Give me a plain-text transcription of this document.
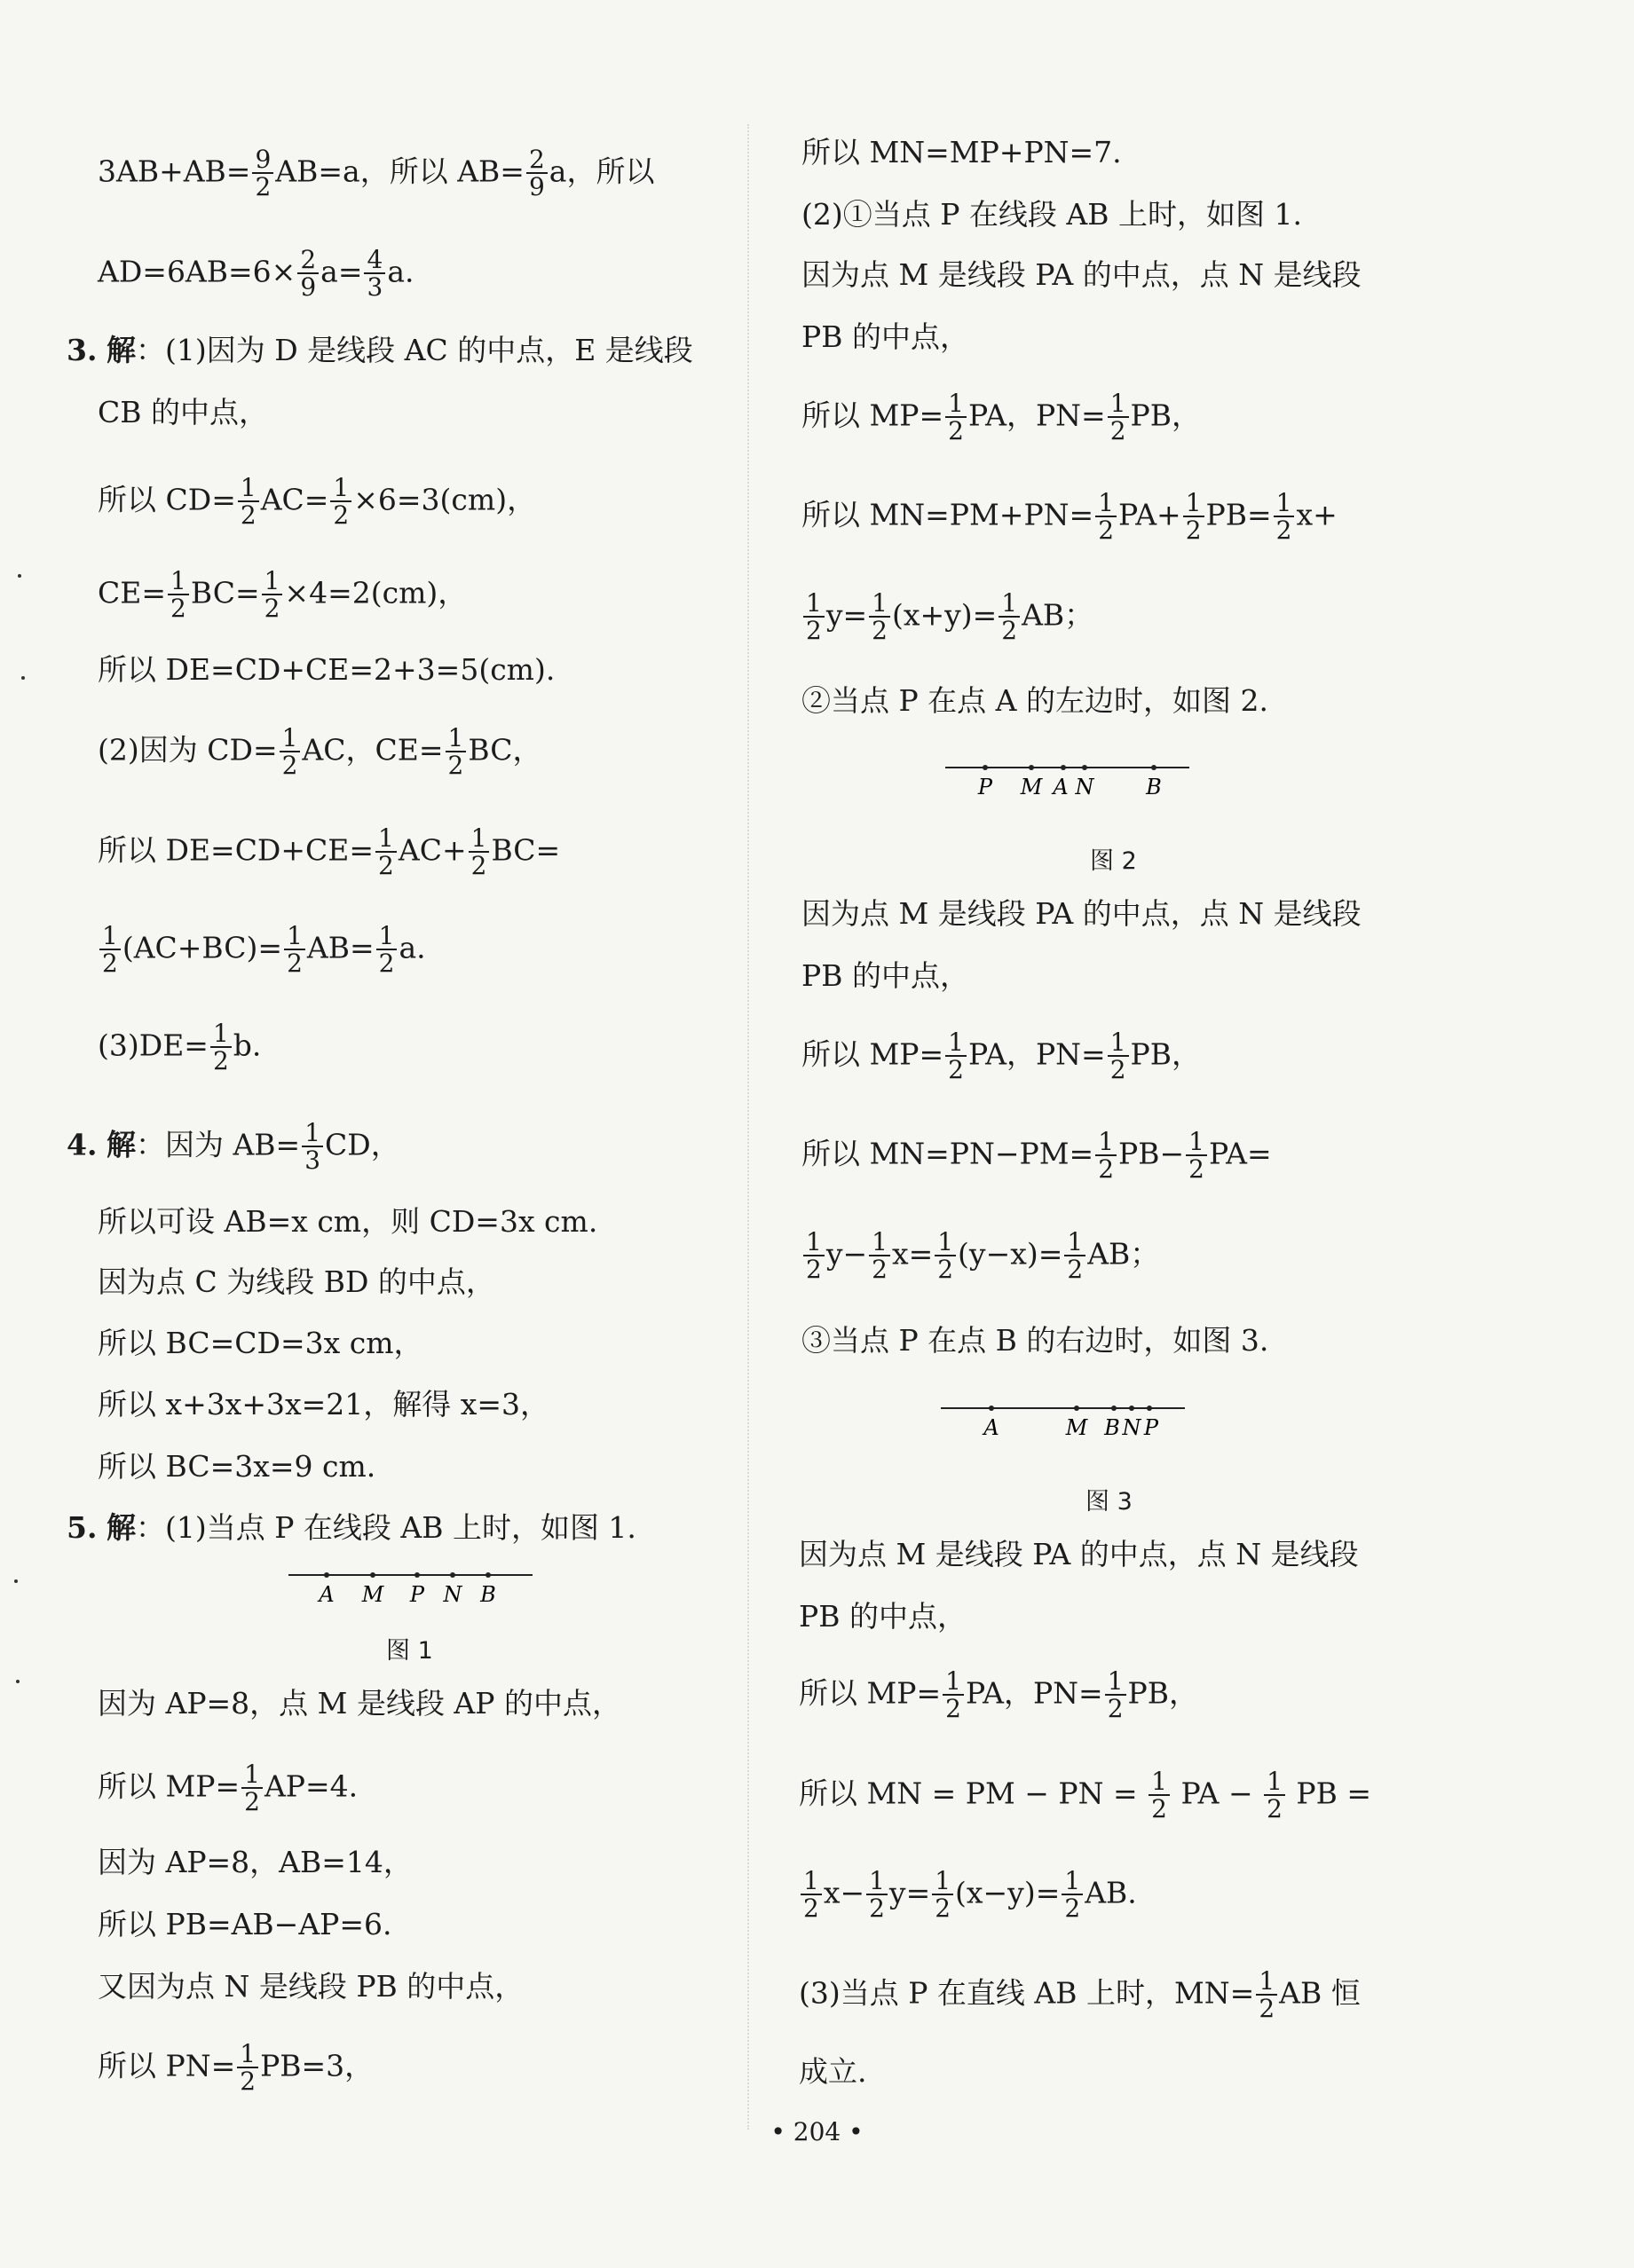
$3AB+AB= \frac{9}{2} AB=a$，所以 $AB= \frac{2}{9}$ a，所以
$AD=6AB=6\times \frac{2}{9} a= \frac{4}{3} a$.
3. 解：(1)因为 D 是线段 AC 的中点，E 是线段
CB 的中点，
所以 $CD= \frac{1}{2} AC= \frac{1}{2} \times 6=3(cm)$，
$CE= \frac{1}{2} BC= \frac{1}{2} \times 4=2(cm)$，
所以 DE=CD+CE=2+3=5(cm).
(2)因为 $CD= \frac{1}{2}$ AC，$CE= \frac{1}{2}$ BC，
所以 $DE=CD+CE= \frac{1}{2} AC+ \frac{1}{2} BC=$
$\frac{1}{2} (AC+BC)= \frac{1}{2} AB= \frac{1}{2} a$.
$(3)DE= \frac{1}{2} b$.
4. 解：因为 $AB= \frac{1}{3}$ CD，
所以可设 AB=x cm，则 CD=3x cm.
因为点 C 为线段 BD 的中点，
所以 BC=CD=3x cm，
所以 x+3x+3x=21，解得 x=3，
所以 BC=3x=9 cm.
5. 解：(1)当点 P 在线段 AB 上时，如图 1.
A M P N B
图 1
因为 AP=8，点 M 是线段 AP 的中点，
所以 $MP= \frac{1}{2} AP=4$.
因为 AP=8，AB=14，
所以 PB=AB−AP=6.
又因为点 N 是线段 PB 的中点，
所以 $PN= \frac{1}{2} PB=3$，
所以 MN=MP+PN=7.
(2)①当点 P 在线段 AB 上时，如图 1.
因为点 M 是线段 PA 的中点，点 N 是线段
PB 的中点，
所以 $MP= \frac{1}{2}$ PA，$PN= \frac{1}{2}$ PB，
所以 $MN=PM+PN= \frac{1}{2} PA+ \frac{1}{2} PB= \frac{1}{2} x+$
$\frac{1}{2} y= \frac{1}{2} (x+y)= \frac{1}{2}$ AB；
②当点 P 在点 A 的左边时，如图 2.
P M A N B
图 2
因为点 M 是线段 PA 的中点，点 N 是线段
PB 的中点，
所以 $MP= \frac{1}{2}$ PA，$PN= \frac{1}{2}$ PB，
所以 $MN=PN-PM= \frac{1}{2} PB- \frac{1}{2} PA=$
$\frac{1}{2} y- \frac{1}{2} x= \frac{1}{2} (y-x)= \frac{1}{2}$ AB；
③当点 P 在点 B 的右边时，如图 3.
A	M B N P
图 3
因为点 M 是线段 PA 的中点，点 N 是线段
PB 的中点，
所以 $MP= \frac{1}{2}$ PA，$PN= \frac{1}{2}$ PB，
所以 MN = PM − PN = $\frac{1}{2}$ PA − $\frac{1}{2}$ PB =
$\frac{1}{2} x- \frac{1}{2} y= \frac{1}{2} (x-y)= \frac{1}{2}$ AB.
(3)当点 P 在直线 AB 上时，$MN= \frac{1}{2}$ AB 恒
成立.
• 204 •
